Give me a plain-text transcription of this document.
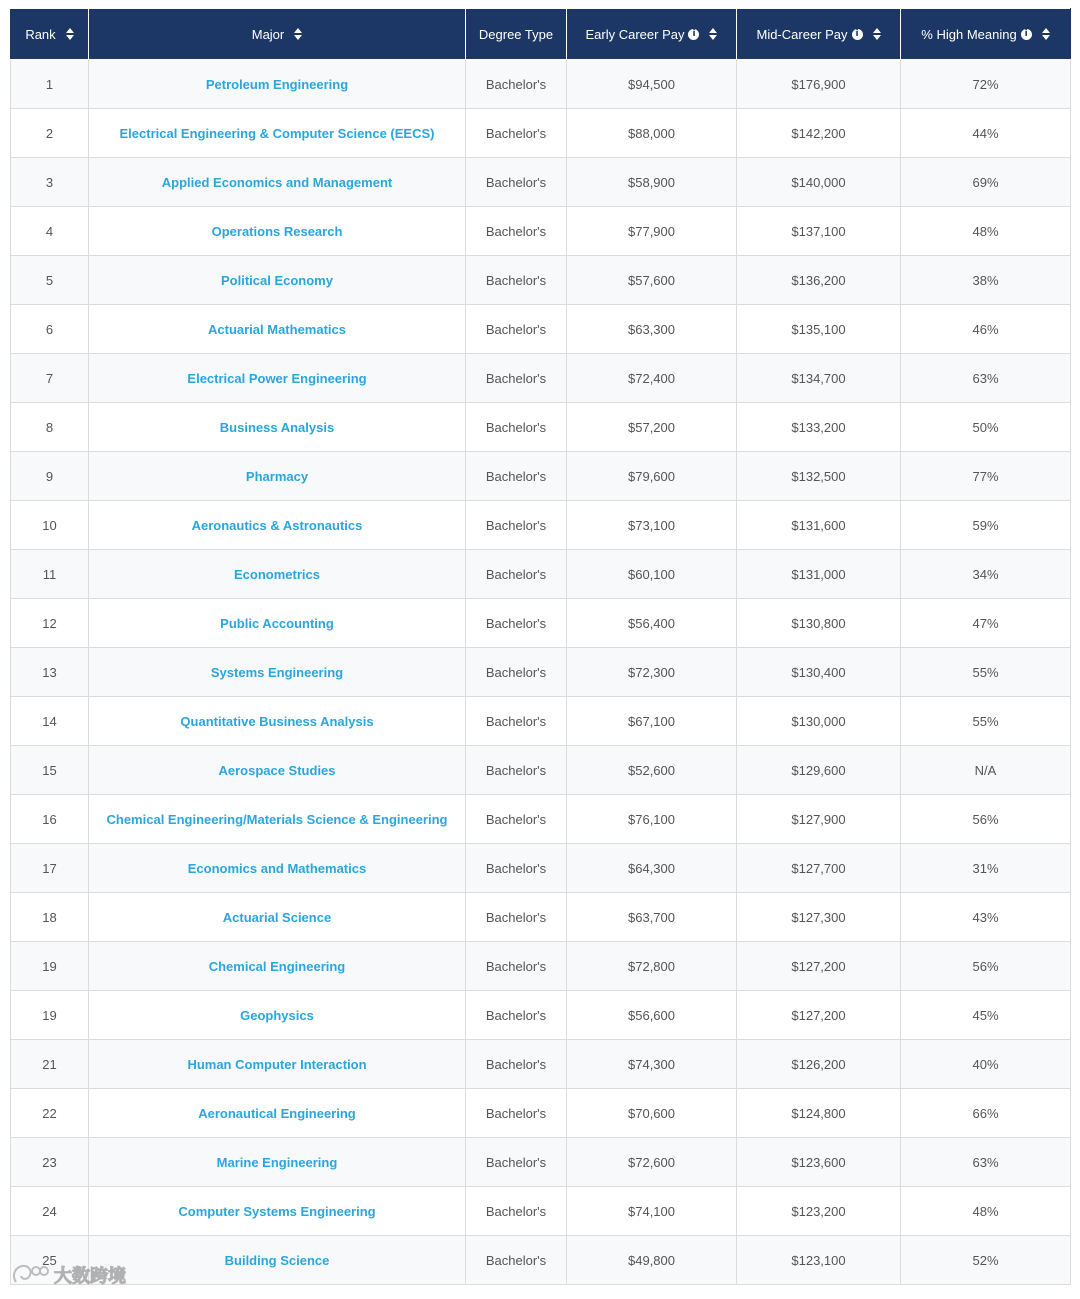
Rank	Major	Degree Type	Early Career Pay i	Mid-Career Pay i	% High Meaning i

1	Petroleum Engineering	Bachelor's	$94,500	$176,900	72%
2	Electrical Engineering & Computer Science (EECS)	Bachelor's	$88,000	$142,200	44%
3	Applied Economics and Management	Bachelor's	$58,900	$140,000	69%
4	Operations Research	Bachelor's	$77,900	$137,100	48%
5	Political Economy	Bachelor's	$57,600	$136,200	38%
6	Actuarial Mathematics	Bachelor's	$63,300	$135,100	46%
7	Electrical Power Engineering	Bachelor's	$72,400	$134,700	63%
8	Business Analysis	Bachelor's	$57,200	$133,200	50%
9	Pharmacy	Bachelor's	$79,600	$132,500	77%
10	Aeronautics & Astronautics	Bachelor's	$73,100	$131,600	59%
11	Econometrics	Bachelor's	$60,100	$131,000	34%
12	Public Accounting	Bachelor's	$56,400	$130,800	47%
13	Systems Engineering	Bachelor's	$72,300	$130,400	55%
14	Quantitative Business Analysis	Bachelor's	$67,100	$130,000	55%
15	Aerospace Studies	Bachelor's	$52,600	$129,600	N/A
16	Chemical Engineering/Materials Science & Engineering	Bachelor's	$76,100	$127,900	56%
17	Economics and Mathematics	Bachelor's	$64,300	$127,700	31%
18	Actuarial Science	Bachelor's	$63,700	$127,300	43%
19	Chemical Engineering	Bachelor's	$72,800	$127,200	56%
19	Geophysics	Bachelor's	$56,600	$127,200	45%
21	Human Computer Interaction	Bachelor's	$74,300	$126,200	40%
22	Aeronautical Engineering	Bachelor's	$70,600	$124,800	66%
23	Marine Engineering	Bachelor's	$72,600	$123,600	63%
24	Computer Systems Engineering	Bachelor's	$74,100	$123,200	48%
25	Building Science	Bachelor's	$49,800	$123,100	52%
大数跨境
